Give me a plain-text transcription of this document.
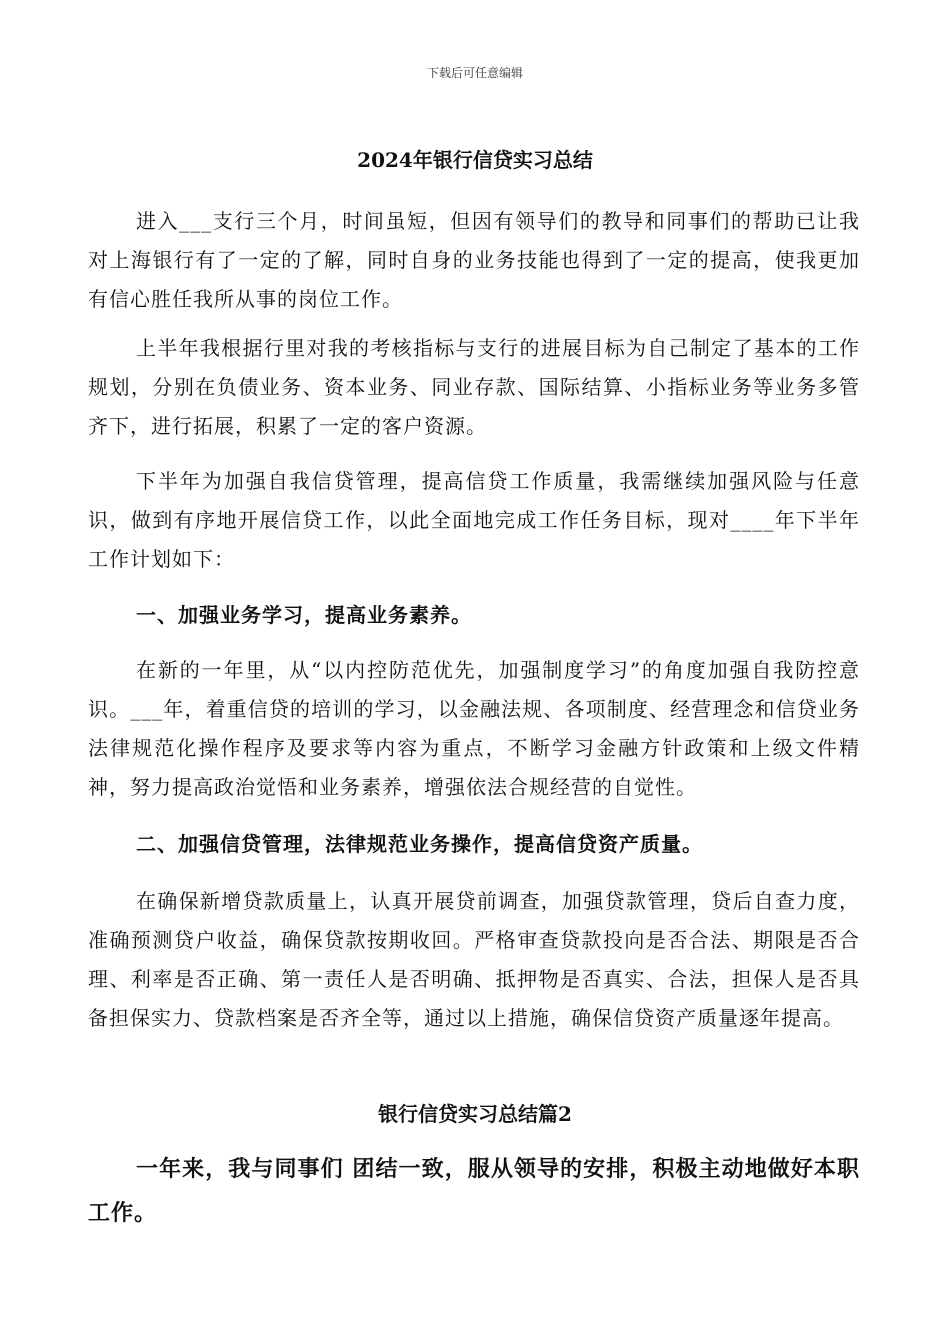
下载后可任意编辑
2024年银行信贷实习总结

进入___支行三个月，时间虽短，但因有领导们的教导和同事们的帮助已让我对上海银行有了一定的了解，同时自身的业务技能也得到了一定的提高，使我更加有信心胜任我所从事的岗位工作。

上半年我根据行里对我的考核指标与支行的进展目标为自己制定了基本的工作规划，分别在负债业务、资本业务、同业存款、国际结算、小指标业务等业务多管齐下，进行拓展，积累了一定的客户资源。

下半年为加强自我信贷管理，提高信贷工作质量，我需继续加强风险与任意识，做到有序地开展信贷工作，以此全面地完成工作任务目标，现对____年下半年工作计划如下：

一、加强业务学习，提高业务素养。

在新的一年里，从“以内控防范优先，加强制度学习”的角度加强自我防控意识。___年，着重信贷的培训的学习，以金融法规、各项制度、经营理念和信贷业务法律规范化操作程序及要求等内容为重点，不断学习金融方针政策和上级文件精神，努力提高政治觉悟和业务素养，增强依法合规经营的自觉性。

二、加强信贷管理，法律规范业务操作，提高信贷资产质量。

在确保新增贷款质量上，认真开展贷前调查，加强贷款管理，贷后自查力度，准确预测贷户收益，确保贷款按期收回。严格审查贷款投向是否合法、期限是否合理、利率是否正确、第一责任人是否明确、抵押物是否真实、合法，担保人是否具备担保实力、贷款档案是否齐全等，通过以上措施，确保信贷资产质量逐年提高。

银行信贷实习总结篇2

一年来，我与同事们 团结一致，服从领导的安排，积极主动地做好本职工作。
